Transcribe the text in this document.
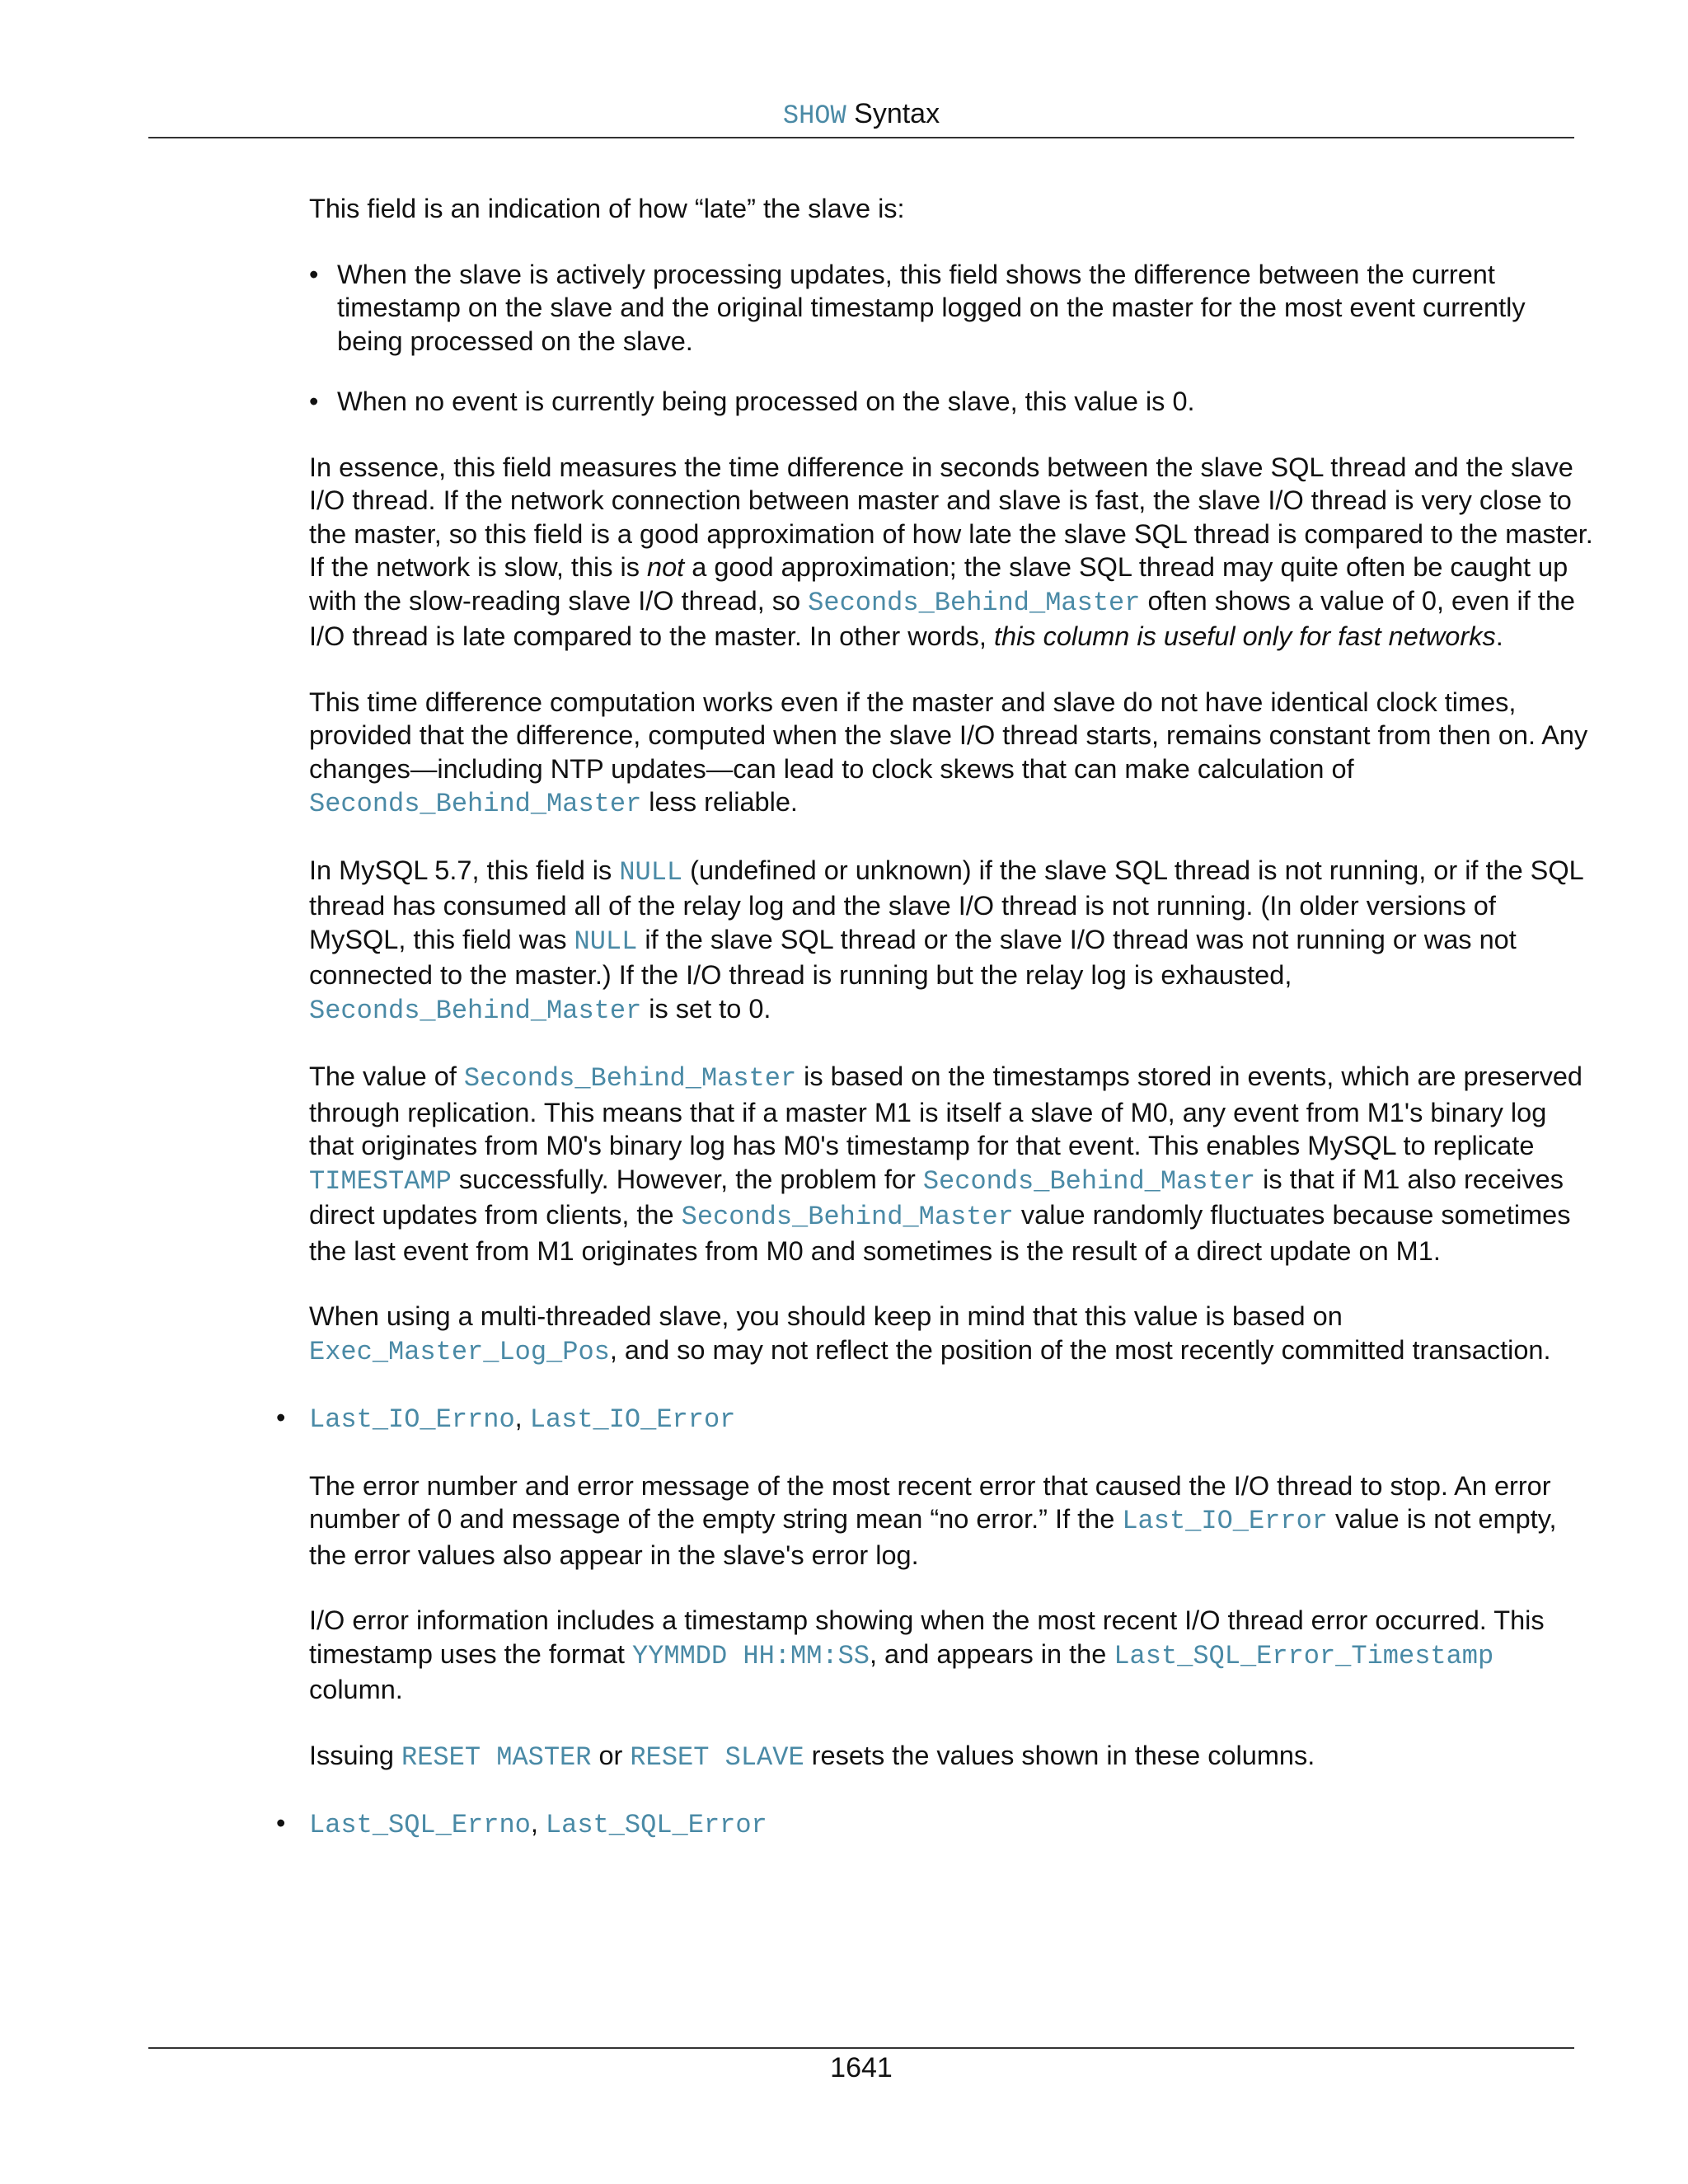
SHOW Syntax

This field is an indication of how “late” the slave is:

• When the slave is actively processing updates, this field shows the difference between the current timestamp on the slave and the original timestamp logged on the master for the most event currently being processed on the slave.
• When no event is currently being processed on the slave, this value is 0.

In essence, this field measures the time difference in seconds between the slave SQL thread and the slave I/O thread. If the network connection between master and slave is fast, the slave I/O thread is very close to the master, so this field is a good approximation of how late the slave SQL thread is compared to the master. If the network is slow, this is not a good approximation; the slave SQL thread may quite often be caught up with the slow-reading slave I/O thread, so Seconds_Behind_Master often shows a value of 0, even if the I/O thread is late compared to the master. In other words, this column is useful only for fast networks.

This time difference computation works even if the master and slave do not have identical clock times, provided that the difference, computed when the slave I/O thread starts, remains constant from then on. Any changes—including NTP updates—can lead to clock skews that can make calculation of Seconds_Behind_Master less reliable.

In MySQL 5.7, this field is NULL (undefined or unknown) if the slave SQL thread is not running, or if the SQL thread has consumed all of the relay log and the slave I/O thread is not running. (In older versions of MySQL, this field was NULL if the slave SQL thread or the slave I/O thread was not running or was not connected to the master.) If the I/O thread is running but the relay log is exhausted, Seconds_Behind_Master is set to 0.

The value of Seconds_Behind_Master is based on the timestamps stored in events, which are preserved through replication. This means that if a master M1 is itself a slave of M0, any event from M1's binary log that originates from M0's binary log has M0's timestamp for that event. This enables MySQL to replicate TIMESTAMP successfully. However, the problem for Seconds_Behind_Master is that if M1 also receives direct updates from clients, the Seconds_Behind_Master value randomly fluctuates because sometimes the last event from M1 originates from M0 and sometimes is the result of a direct update on M1.

When using a multi-threaded slave, you should keep in mind that this value is based on Exec_Master_Log_Pos, and so may not reflect the position of the most recently committed transaction.

• Last_IO_Errno, Last_IO_Error

The error number and error message of the most recent error that caused the I/O thread to stop. An error number of 0 and message of the empty string mean “no error.” If the Last_IO_Error value is not empty, the error values also appear in the slave's error log.

I/O error information includes a timestamp showing when the most recent I/O thread error occurred. This timestamp uses the format YYMMDD HH:MM:SS, and appears in the Last_SQL_Error_Timestamp column.

Issuing RESET MASTER or RESET SLAVE resets the values shown in these columns.

• Last_SQL_Errno, Last_SQL_Error
1641
